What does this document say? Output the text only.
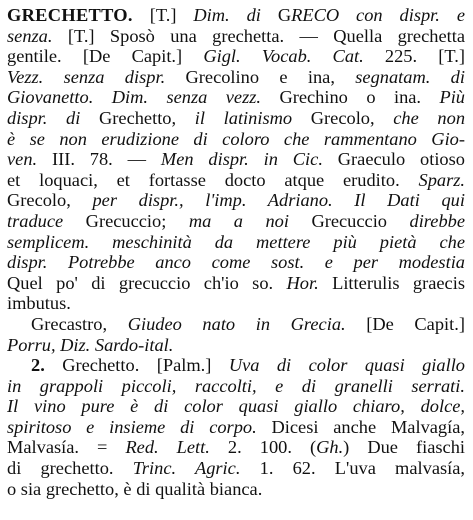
GRECHETTO. [T.] Dim. di GRECO con dispr. e
senza. [T.] Sposò una grechetta. — Quella grechetta
gentile. [De Capit.] Gigl. Vocab. Cat. 225. [T.]
Vezz. senza dispr. Grecolino e ina, segnatam. di
Giovanetto. Dim. senza vezz. Grechino o ina. Più
dispr. di Grechetto, il latinismo Grecolo, che non
è se non erudizione di coloro che rammentano Gio-
ven. III. 78. — Men dispr. in Cic. Graeculo otioso
et loquaci, et fortasse docto atque erudito. Sparz.
Grecolo, per dispr., l'imp. Adriano. Il Dati qui
traduce Grecuccio; ma a noi Grecuccio direbbe
semplicem. meschinità da mettere più pietà che
dispr. Potrebbe anco come sost. e per modestia
Quel po' di grecuccio ch'io so. Hor. Litterulis graecis
imbutus.
Grecastro, Giudeo nato in Grecia. [De Capit.]
Porru, Diz. Sardo-ital.
2. Grechetto. [Palm.] Uva di color quasi giallo
in grappoli piccoli, raccolti, e di granelli serrati.
Il vino pure è di color quasi giallo chiaro, dolce,
spiritoso e insieme di corpo. Dicesi anche Malvagía,
Malvasía. = Red. Lett. 2. 100. (Gh.) Due fiaschi
di grechetto. Trinc. Agric. 1. 62. L'uva malvasía,
o sia grechetto, è di qualità bianca.
